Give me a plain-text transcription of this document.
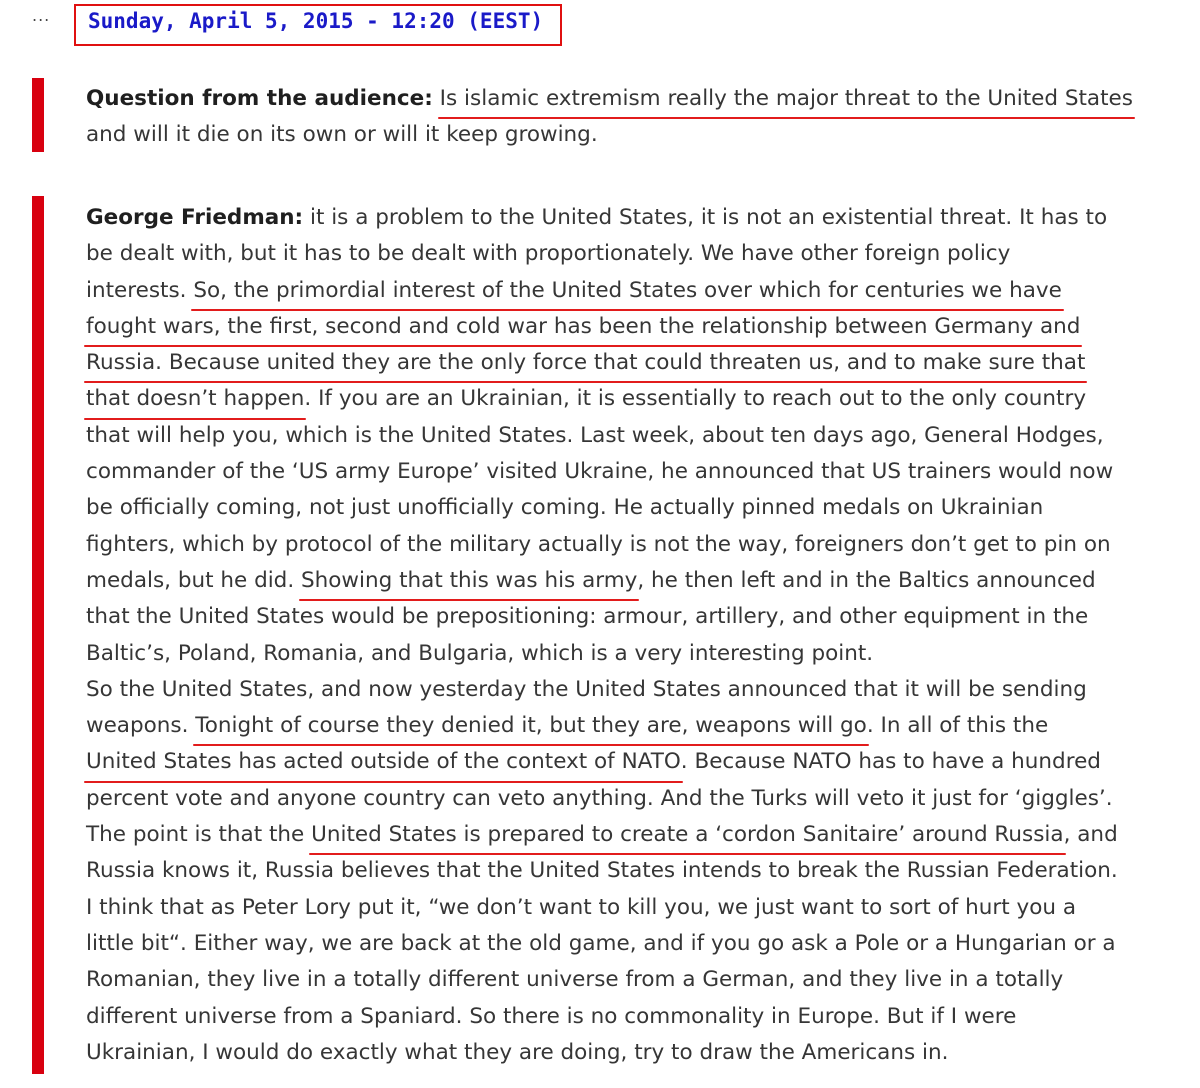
... Sunday, April 5, 2015 - 12:20 (EEST)
Question from the audience: Is islamic extremism really the major threat to the United States
and will it die on its own or will it keep growing.
George Friedman: it is a problem to the United States, it is not an existential threat. It has to
be dealt with, but it has to be dealt with proportionately. We have other foreign policy
interests. So, the primordial interest of the United States over which for centuries we have
fought wars, the first, second and cold war has been the relationship between Germany and
Russia. Because united they are the only force that could threaten us, and to make sure that
that doesn’t happen. If you are an Ukrainian, it is essentially to reach out to the only country
that will help you, which is the United States. Last week, about ten days ago, General Hodges,
commander of the ‘US army Europe’ visited Ukraine, he announced that US trainers would now
be officially coming, not just unofficially coming. He actually pinned medals on Ukrainian
fighters, which by protocol of the military actually is not the way, foreigners don’t get to pin on
medals, but he did. Showing that this was his army, he then left and in the Baltics announced
that the United States would be prepositioning: armour, artillery, and other equipment in the
Baltic’s, Poland, Romania, and Bulgaria, which is a very interesting point.
So the United States, and now yesterday the United States announced that it will be sending
weapons. Tonight of course they denied it, but they are, weapons will go. In all of this the
United States has acted outside of the context of NATO. Because NATO has to have a hundred
percent vote and anyone country can veto anything. And the Turks will veto it just for ‘giggles’.
The point is that the United States is prepared to create a ‘cordon Sanitaire’ around Russia, and
Russia knows it, Russia believes that the United States intends to break the Russian Federation.
I think that as Peter Lory put it, “we don’t want to kill you, we just want to sort of hurt you a
little bit“. Either way, we are back at the old game, and if you go ask a Pole or a Hungarian or a
Romanian, they live in a totally different universe from a German, and they live in a totally
different universe from a Spaniard. So there is no commonality in Europe. But if I were
Ukrainian, I would do exactly what they are doing, try to draw the Americans in.
